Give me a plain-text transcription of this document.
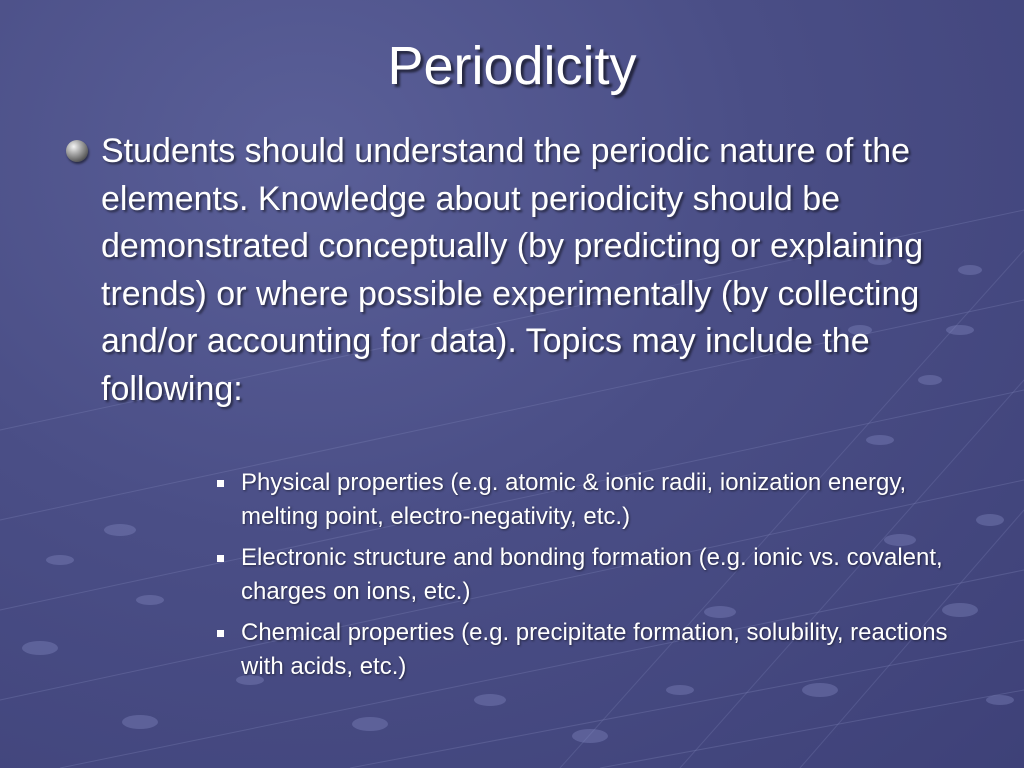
Periodicity
Students should understand the periodic nature of the elements. Knowledge about periodicity should be demonstrated conceptually (by predicting or explaining trends) or where possible experimentally (by collecting and/or accounting for data). Topics may include the following:
Physical properties (e.g. atomic & ionic radii, ionization energy, melting point, electro-negativity, etc.)
Electronic structure and bonding formation (e.g. ionic vs. covalent, charges on ions, etc.)
Chemical properties (e.g. precipitate formation, solubility, reactions with acids, etc.)
